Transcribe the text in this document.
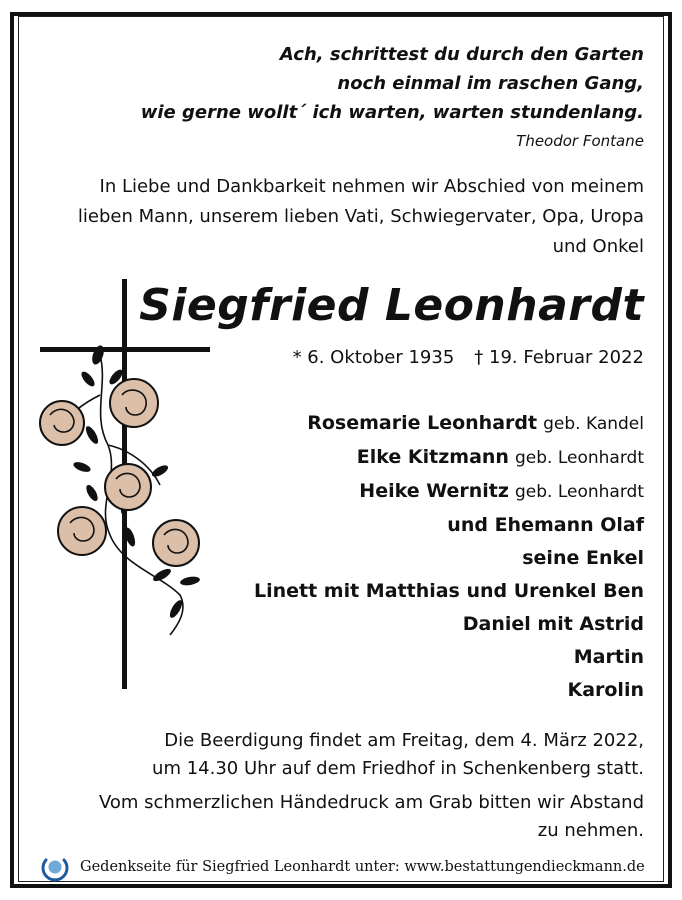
Ach, schrittest du durch den Garten

noch einmal im raschen Gang,

wie gerne wollt´ ich warten, warten stundenlang.

Theodor Fontane
In Liebe und Dankbarkeit nehmen wir Abschied von meinem
lieben Mann, unserem lieben Vati, Schwiegervater, Opa, Uropa
und Onkel
Siegfried Leonhardt
* 6. Oktober 1935 † 19. Februar 2022
Rosemarie Leonhardt geb. Kandel
Elke Kitzmann geb. Leonhardt
Heike Wernitz geb. Leonhardt
und Ehemann Olaf
seine Enkel
Linett mit Matthias und Urenkel Ben
Daniel mit Astrid
Martin
Karolin

Die Beerdigung findet am Freitag, dem 4. März 2022,

um 14.30 Uhr auf dem Friedhof in Schenkenberg statt.

Vom schmerzlichen Händedruck am Grab bitten wir Abstand

zu nehmen.

Gedenkseite für Siegfried Leonhardt unter: www.bestattungendieckmann.de
